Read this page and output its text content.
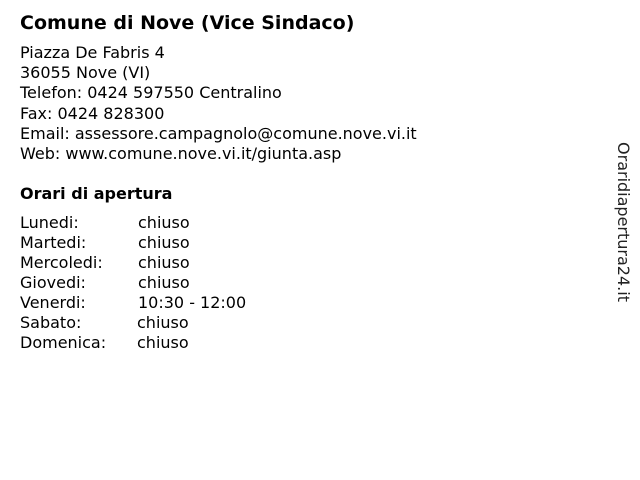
Comune di Nove (Vice Sindaco)
Piazza De Fabris 4
36055 Nove (VI)
Telefon: 0424 597550 Centralino
Fax: 0424 828300
Email: assessore.campagnolo@comune.nove.vi.it
Web: www.comune.nove.vi.it/giunta.asp
Orari di apertura
Lunedi:	chiuso
Martedi:	chiuso
Mercoledi: chiuso
Giovedi:	chiuso
Venerdi:	10:30 - 12:00
Sabato:	chiuso
Domenica: chiuso
Oraridiapertura24.it
